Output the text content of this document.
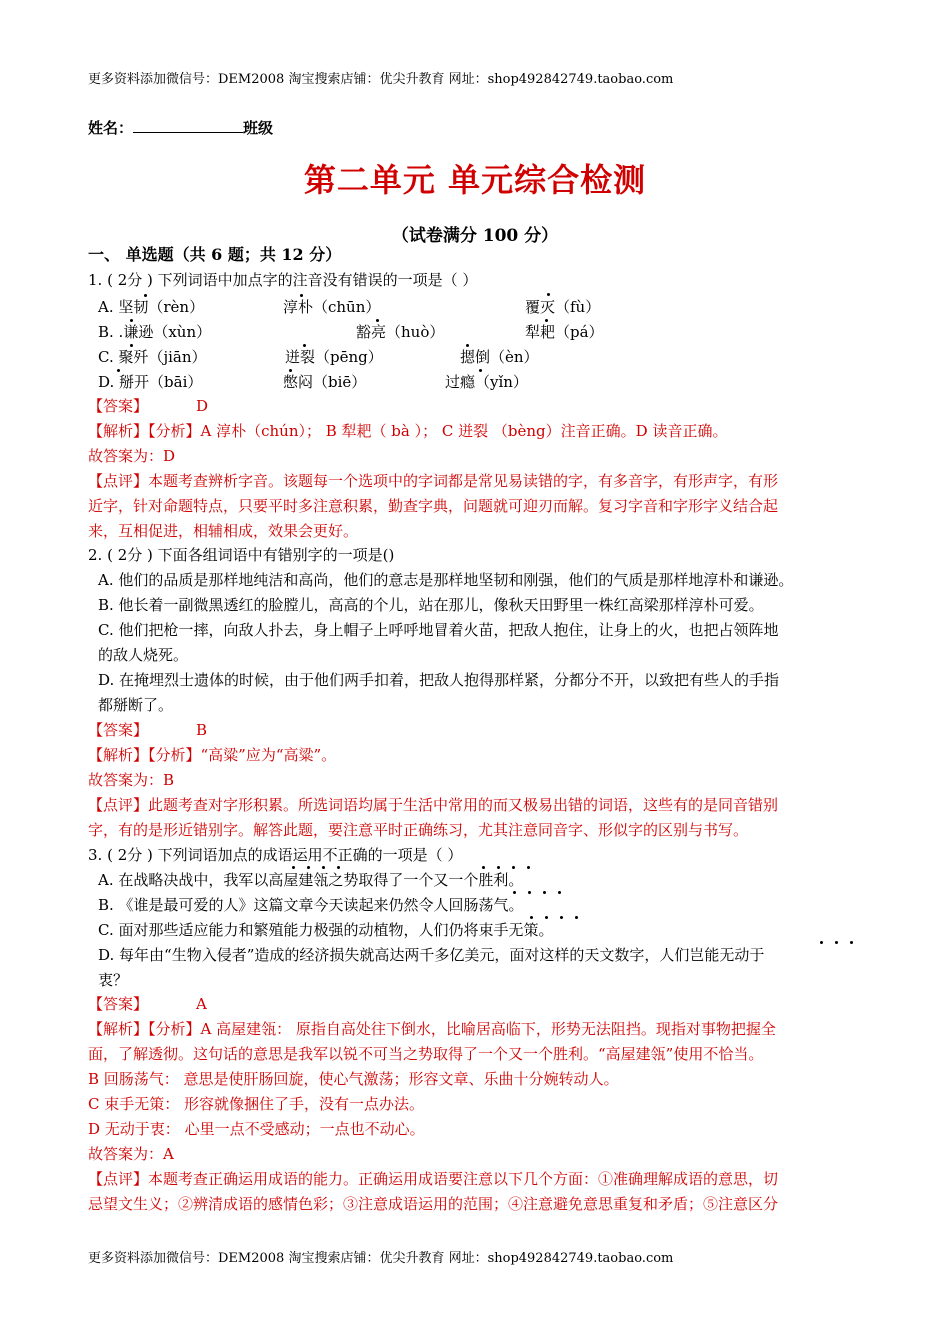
更多资料添加微信号：DEM2008 淘宝搜索店铺：优尖升教育 网址：shop492842749.taobao.com
姓名：	班级
第二单元 单元综合检测
（试卷满分 100 分）
一、 单选题（共 6 题；共 12 分）
1. ( 2分 ) 下列词语中加点字的注音没有错误的一项是（ ）
A. 坚韧（rèn）	淳朴（chūn）	覆灭（fù）
B. .谦逊（xùn）	豁亮（huò）	犁耙（pá）
C. 聚歼（jiān）	迸裂（pēng）	摁倒（èn）
D. 掰开（bāi）	憋闷（biē）	过瘾（yǐn）
【答案】	D
【解析】【分析】A 淳朴（chún）； B 犁耙（ bà ）； C 迸裂 （bèng）注音正确。D 读音正确。
故答案为：D
【点评】本题考查辨析字音。该题每一个选项中的字词都是常见易读错的字，有多音字，有形声字，有形
近字，针对命题特点，只要平时多注意积累，勤查字典，问题就可迎刃而解。复习字音和字形字义结合起
来，互相促进，相辅相成，效果会更好。
2. ( 2分 ) 下面各组词语中有错别字的一项是()
A. 他们的品质是那样地纯洁和高尚，他们的意志是那样地坚韧和刚强，他们的气质是那样地淳朴和谦逊。
B. 他长着一副微黑透红的脸膛儿，高高的个儿，站在那儿，像秋天田野里一株红高梁那样淳朴可爱。
C. 他们把枪一摔，向敌人扑去，身上帽子上呼呼地冒着火苗，把敌人抱住，让身上的火，也把占领阵地
的敌人烧死。
D. 在掩埋烈士遗体的时候，由于他们两手扣着，把敌人抱得那样紧，分都分不开，以致把有些人的手指
都掰断了。
【答案】	B
【解析】【分析】“高粱”应为“高粱”。
故答案为：B
【点评】此题考查对字形积累。所选词语均属于生活中常用的而又极易出错的词语，这些有的是同音错别
字，有的是形近错别字。解答此题，要注意平时正确练习，尤其注意同音字、形似字的区别与书写。
3. ( 2分 ) 下列词语加点的成语运用不正确的一项是（ ）
A. 在战略决战中，我军以高屋建瓴之势取得了一个又一个胜利。
B. 《谁是最可爱的人》这篇文章今天读起来仍然令人回肠荡气。
C. 面对那些适应能力和繁殖能力极强的动植物，人们仍将束手无策。
D. 每年由“生物入侵者”造成的经济损失就高达两千多亿美元，面对这样的天文数字，人们岂能无动于
衷？
【答案】	A
【解析】【分析】A 高屋建瓴： 原指自高处往下倒水，比喻居高临下，形势无法阻挡。现指对事物把握全
面，了解透彻。这句话的意思是我军以锐不可当之势取得了一个又一个胜利。“高屋建瓴”使用不恰当。
B 回肠荡气： 意思是使肝肠回旋，使心气激荡；形容文章、乐曲十分婉转动人。
C 束手无策： 形容就像捆住了手，没有一点办法。
D 无动于衷： 心里一点不受感动；一点也不动心。
故答案为：A
【点评】本题考查正确运用成语的能力。正确运用成语要注意以下几个方面：①准确理解成语的意思，切
忌望文生义；②辨清成语的感情色彩；③注意成语运用的范围；④注意避免意思重复和矛盾；⑤注意区分
更多资料添加微信号：DEM2008 淘宝搜索店铺：优尖升教育 网址：shop492842749.taobao.com
